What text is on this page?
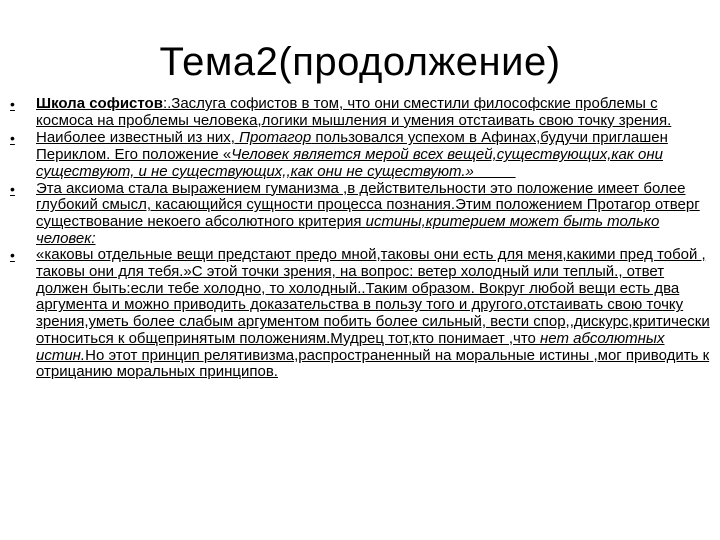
Тема2(продолжение)
•	Школа софистов:.Заслуга софистов в том, что они сместили философские проблемы с космоса на проблемы человека,логики мышления и умения отстаивать свою точку зрения.
•	Наиболее известный из них, Протагор пользовался успехом в Афинах,будучи приглашен Периклом. Его положение «Человек является мерой всех вещей,существующих,как они существуют, и не существующих,,как они не существуют.»
•	Эта аксиома стала выражением гуманизма ,в действительности это положение имеет более глубокий смысл, касающийся сущности процесса познания.Этим положением Протагор отверг существование некоего абсолютного критерия истины,критерием может быть только человек:
•	«каковы отдельные вещи предстают предо мной,таковы они есть для меня,какими пред тобой , таковы они для тебя.»С этой точки зрения, на вопрос: ветер холодный или теплый., ответ должен быть:если тебе холодно, то холодный..Таким образом. Вокруг любой вещи есть два аргумента и можно приводить доказательства в пользу того и другого,отстаивать свою точку зрения,уметь более слабым аргументом побить более сильный, вести спор,,дискурс,критически относиться к общепринятым положениям.Мудрец тот,кто понимает ,что нет абсолютных истин.Но этот принцип релятивизма,распространенный на моральные истины ,мог приводить к отрицанию моральных принципов.
